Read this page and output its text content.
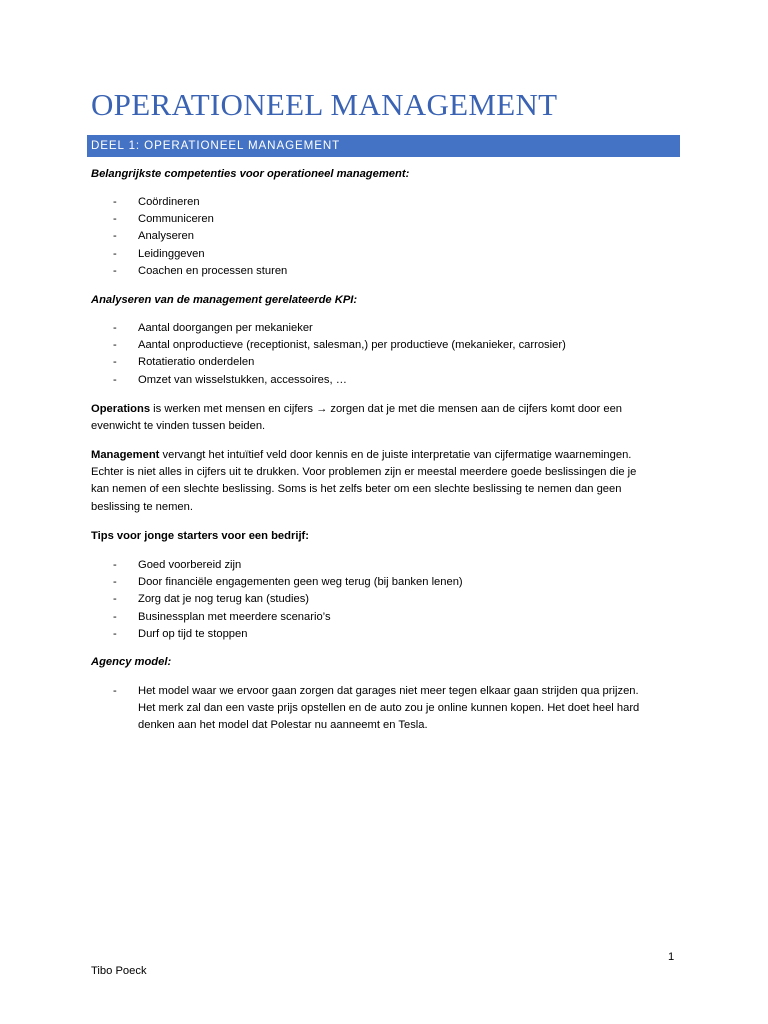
OPERATIONEEL MANAGEMENT
DEEL 1: OPERATIONEEL MANAGEMENT
Belangrijkste competenties voor operationeel management:
- Coördineren
- Communiceren
- Analyseren
- Leidinggeven
- Coachen en processen sturen
Analyseren van de management gerelateerde KPI:
- Aantal doorgangen per mekanieker
- Aantal onproductieve (receptionist, salesman,) per productieve (mekanieker, carrosier)
- Rotatieratio onderdelen
- Omzet van wisselstukken, accessoires, …

Operations is werken met mensen en cijfers → zorgen dat je met die mensen aan de cijfers komt door een

evenwicht te vinden tussen beiden.

Management vervangt het intuïtief veld door kennis en de juiste interpretatie van cijfermatige waarnemingen.

Echter is niet alles in cijfers uit te drukken. Voor problemen zijn er meestal meerdere goede beslissingen die je

kan nemen of een slechte beslissing. Soms is het zelfs beter om een slechte beslissing te nemen dan geen

beslissing te nemen.

Tips voor jonge starters voor een bedrijf:
- Goed voorbereid zijn
- Door financiële engagementen geen weg terug (bij banken lenen)
- Zorg dat je nog terug kan (studies)
- Businessplan met meerdere scenario’s
- Durf op tijd te stoppen
Agency model:
- Het model waar we ervoor gaan zorgen dat garages niet meer tegen elkaar gaan strijden qua prijzen.
Het merk zal dan een vaste prijs opstellen en de auto zou je online kunnen kopen. Het doet heel hard
denken aan het model dat Polestar nu aanneemt en Tesla.
1
Tibo Poeck
